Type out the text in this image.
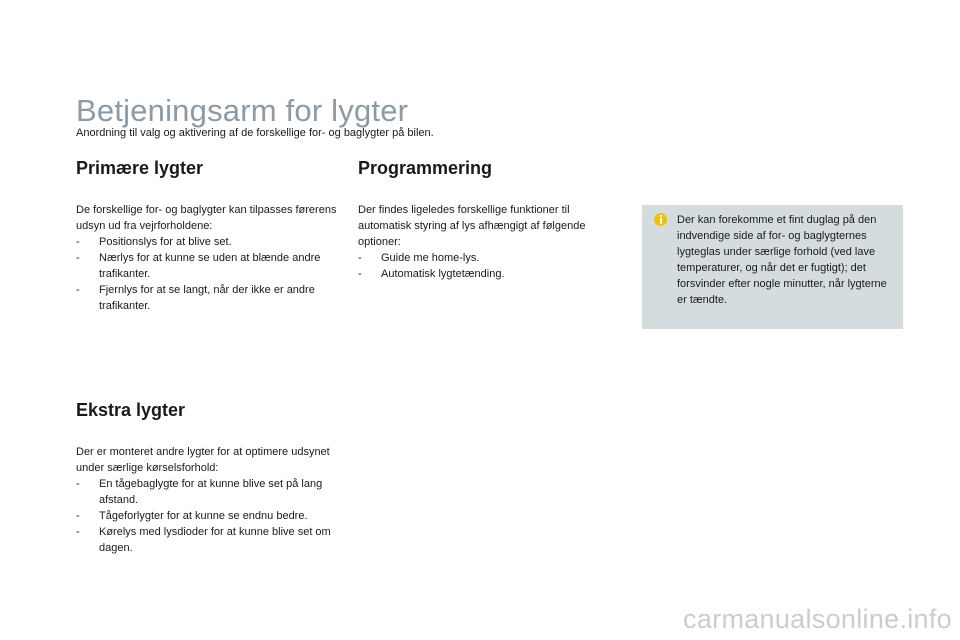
Betjeningsarm for lygter

Anordning til valg og aktivering af de forskellige for- og baglygter på bilen.

Primære lygter

De forskellige for- og baglygter kan tilpasses førerens udsyn ud fra vejrforholdene:

- Positionslys for at blive set.
- Nærlys for at kunne se uden at blænde andre trafikanter.
- Fjernlys for at se langt, når der ikke er andre trafikanter.
Ekstra lygter

Der er monteret andre lygter for at optimere udsynet under særlige kørselsforhold:

- En tågebaglygte for at kunne blive set på lang afstand.
- Tågeforlygter for at kunne se endnu bedre.
- Kørelys med lysdioder for at kunne blive set om dagen.
Programmering

Der findes ligeledes forskellige funktioner til automatisk styring af lys afhængigt af følgende optioner:

- Guide me home-lys.
- Automatisk lygtetænding.

Der kan forekomme et fint duglag på den indvendige side af for- og baglygternes lygteglas under særlige forhold (ved lave temperaturer, og når det er fugtigt); det forsvinder efter nogle minutter, når lygterne er tændte.

carmanualsonline.info
